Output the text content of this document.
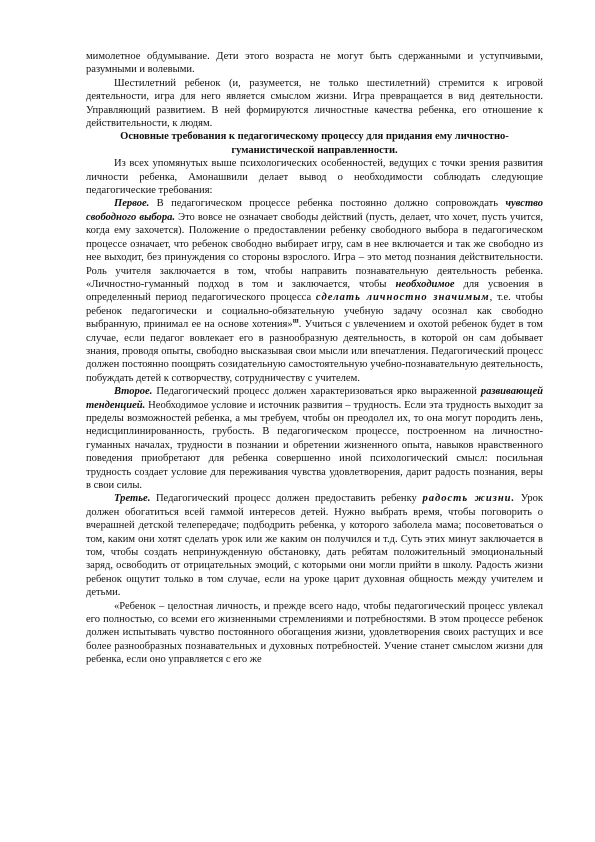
мимолетное обдумывание. Дети этого возраста не могут быть сдержанными и уступчивыми, разумными и волевыми.

Шестилетний ребенок (и, разумеется, не только шестилетний) стремится к игровой деятельности, игра для него является смыслом жизни. Игра превращается в вид деятельности. Управляющий развитием. В ней формируются личностные качества ребенка, его отношение к действительности, к людям.

Основные требования к педагогическому процессу для придания ему личностно-гуманистической направленности.

Из всех упомянутых выше психологических особенностей, ведущих с точки зрения развития личности ребенка, Амонашвили делает вывод о необходимости соблюдать следующие педагогические требования:

Первое. В педагогическом процессе ребенка постоянно должно сопровождать чувство свободного выбора. Это вовсе не означает свободы действий (пусть, делает, что хочет, пусть учится, когда ему захочется). Положение о предоставлении ребенку свободного выбора в педагогическом процессе означает, что ребенок свободно выбирает игру, сам в нее включается и так же свободно из нее выходит, без принуждения со стороны взрослого. Игра – это метод познания действительности. Роль учителя заключается в том, чтобы направить познавательную деятельность ребенка. «Личностно-гуманный подход в том и заключается, чтобы необходимое для усвоения в определенный период педагогического процесса сделать личностно значимым, т.е. чтобы ребенок педагогически и социально-обязательную учебную задачу осознал как свободно выбранную, принимал ее на основе хотения»$^ш$. Учиться с увлечением и охотой ребенок будет в том случае, если педагог вовлекает его в разнообразную деятельность, в которой он сам добывает знания, проводя опыты, свободно высказывая свои мысли или впечатления. Педагогический процесс должен постоянно поощрять созидательную самостоятельную учебно-познавательную деятельность, побуждать детей к сотворчеству, сотрудничеству с учителем.

Второе. Педагогический процесс должен характеризоваться ярко выраженной развивающей тенденцией. Необходимое условие и источник развития – трудность. Если эта трудность выходит за пределы возможностей ребенка, а мы требуем, чтобы он преодолел их, то она могут породить лень, недисциплинированность, грубость. В педагогическом процессе, построенном на личностно-гуманных началах, трудности в познании и обретении жизненного опыта, навыков нравственного поведения приобретают для ребенка совершенно иной психологический смысл: посильная трудность создает условие для переживания чувства удовлетворения, дарит радость познания, веры в свои силы.

Третье. Педагогический процесс должен предоставить ребенку радость жизни. Урок должен обогатиться всей гаммой интересов детей. Нужно выбрать время, чтобы поговорить о вчерашней детской телепередаче; подбодрить ребенка, у которого заболела мама; посоветоваться о том, каким они хотят сделать урок или же каким он получился и т.д. Суть этих минут заключается в том, чтобы создать непринужденную обстановку, дать ребятам положительный эмоциональный заряд, освободить от отрицательных эмоций, с которыми они могли прийти в школу. Радость жизни ребенок ощутит только в том случае, если на уроке царит духовная общность между учителем и детьми.

«Ребенок – целостная личность, и прежде всего надо, чтобы педагогический процесс увлекал его полностью, со всеми его жизненными стремлениями и потребностями. В этом процессе ребенок должен испытывать чувство постоянного обогащения жизни, удовлетворения своих растущих и все более разнообразных познавательных и духовных потребностей. Учение станет смыслом жизни для ребенка, если оно управляется с его же
